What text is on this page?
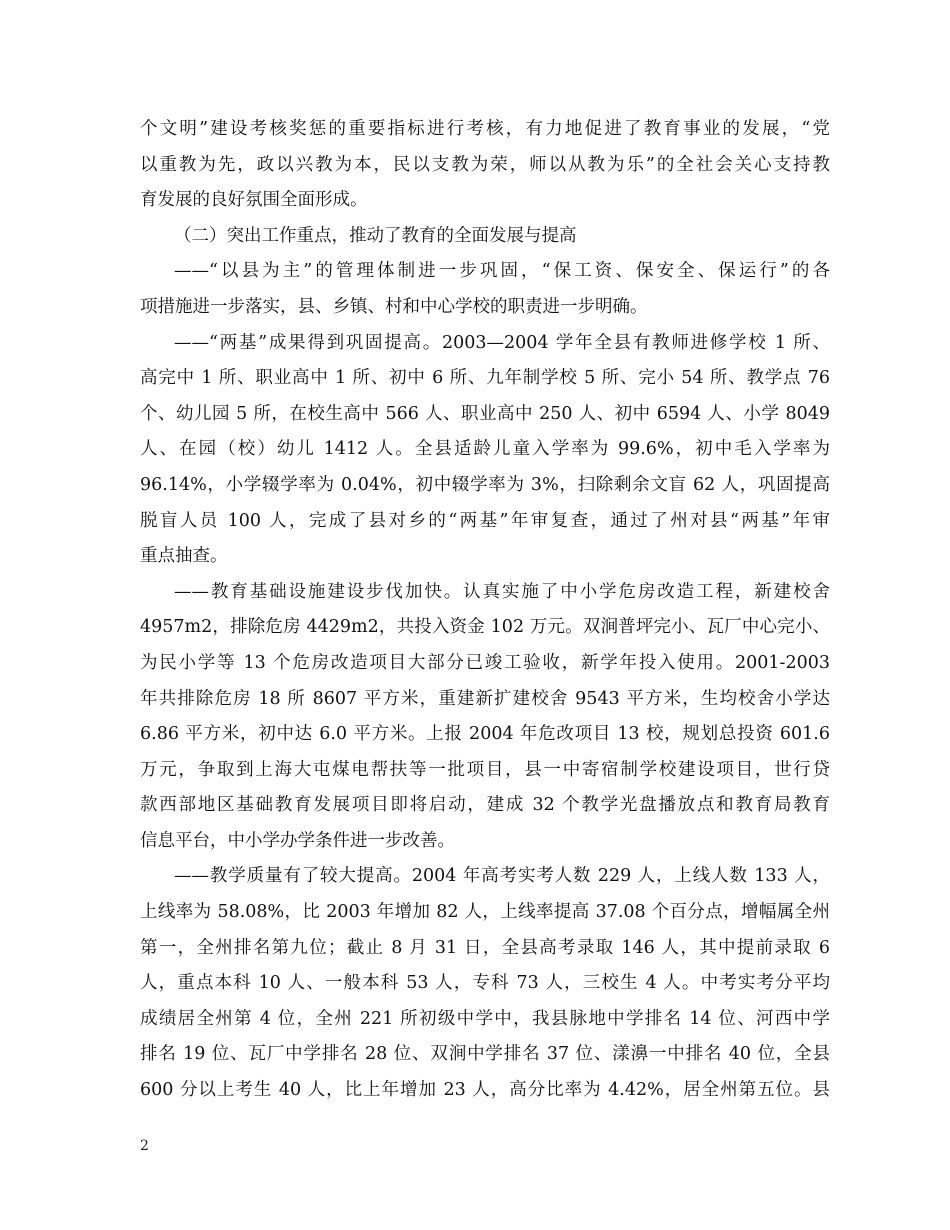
个文明”建设考核奖惩的重要指标进行考核，有力地促进了教育事业的发展，“党
以重教为先，政以兴教为本，民以支教为荣，师以从教为乐”的全社会关心支持教
育发展的良好氛围全面形成。
（二）突出工作重点，推动了教育的全面发展与提高
——“以县为主”的管理体制进一步巩固，“保工资、保安全、保运行”的各
项措施进一步落实，县、乡镇、村和中心学校的职责进一步明确。
——“两基”成果得到巩固提高。2003—2004 学年全县有教师进修学校 1 所、
高完中 1 所、职业高中 1 所、初中 6 所、九年制学校 5 所、完小 54 所、教学点 76
个、幼儿园 5 所，在校生高中 566 人、职业高中 250 人、初中 6594 人、小学 8049
人、在园（校）幼儿 1412 人。全县适龄儿童入学率为 99.6%，初中毛入学率为
96.14%，小学辍学率为 0.04%，初中辍学率为 3%，扫除剩余文盲 62 人，巩固提高
脱盲人员 100 人，完成了县对乡的“两基”年审复查，通过了州对县“两基”年审
重点抽查。
——教育基础设施建设步伐加快。认真实施了中小学危房改造工程，新建校舍
4957m2，排除危房 4429m2，共投入资金 102 万元。双涧普坪完小、瓦厂中心完小、
为民小学等 13 个危房改造项目大部分已竣工验收，新学年投入使用。2001-2003
年共排除危房 18 所 8607 平方米，重建新扩建校舍 9543 平方米，生均校舍小学达
6.86 平方米，初中达 6.0 平方米。上报 2004 年危改项目 13 校，规划总投资 601.6
万元，争取到上海大屯煤电帮扶等一批项目，县一中寄宿制学校建设项目，世行贷
款西部地区基础教育发展项目即将启动，建成 32 个教学光盘播放点和教育局教育
信息平台，中小学办学条件进一步改善。
——教学质量有了较大提高。2004 年高考实考人数 229 人，上线人数 133 人，
上线率为 58.08%，比 2003 年增加 82 人，上线率提高 37.08 个百分点，增幅属全州
第一，全州排名第九位；截止 8 月 31 日，全县高考录取 146 人，其中提前录取 6
人，重点本科 10 人、一般本科 53 人，专科 73 人，三校生 4 人。中考实考分平均
成绩居全州第 4 位，全州 221 所初级中学中，我县脉地中学排名 14 位、河西中学
排名 19 位、瓦厂中学排名 28 位、双涧中学排名 37 位、漾濞一中排名 40 位，全县
600 分以上考生 40 人，比上年增加 23 人，高分比率为 4.42%，居全州第五位。县
2
